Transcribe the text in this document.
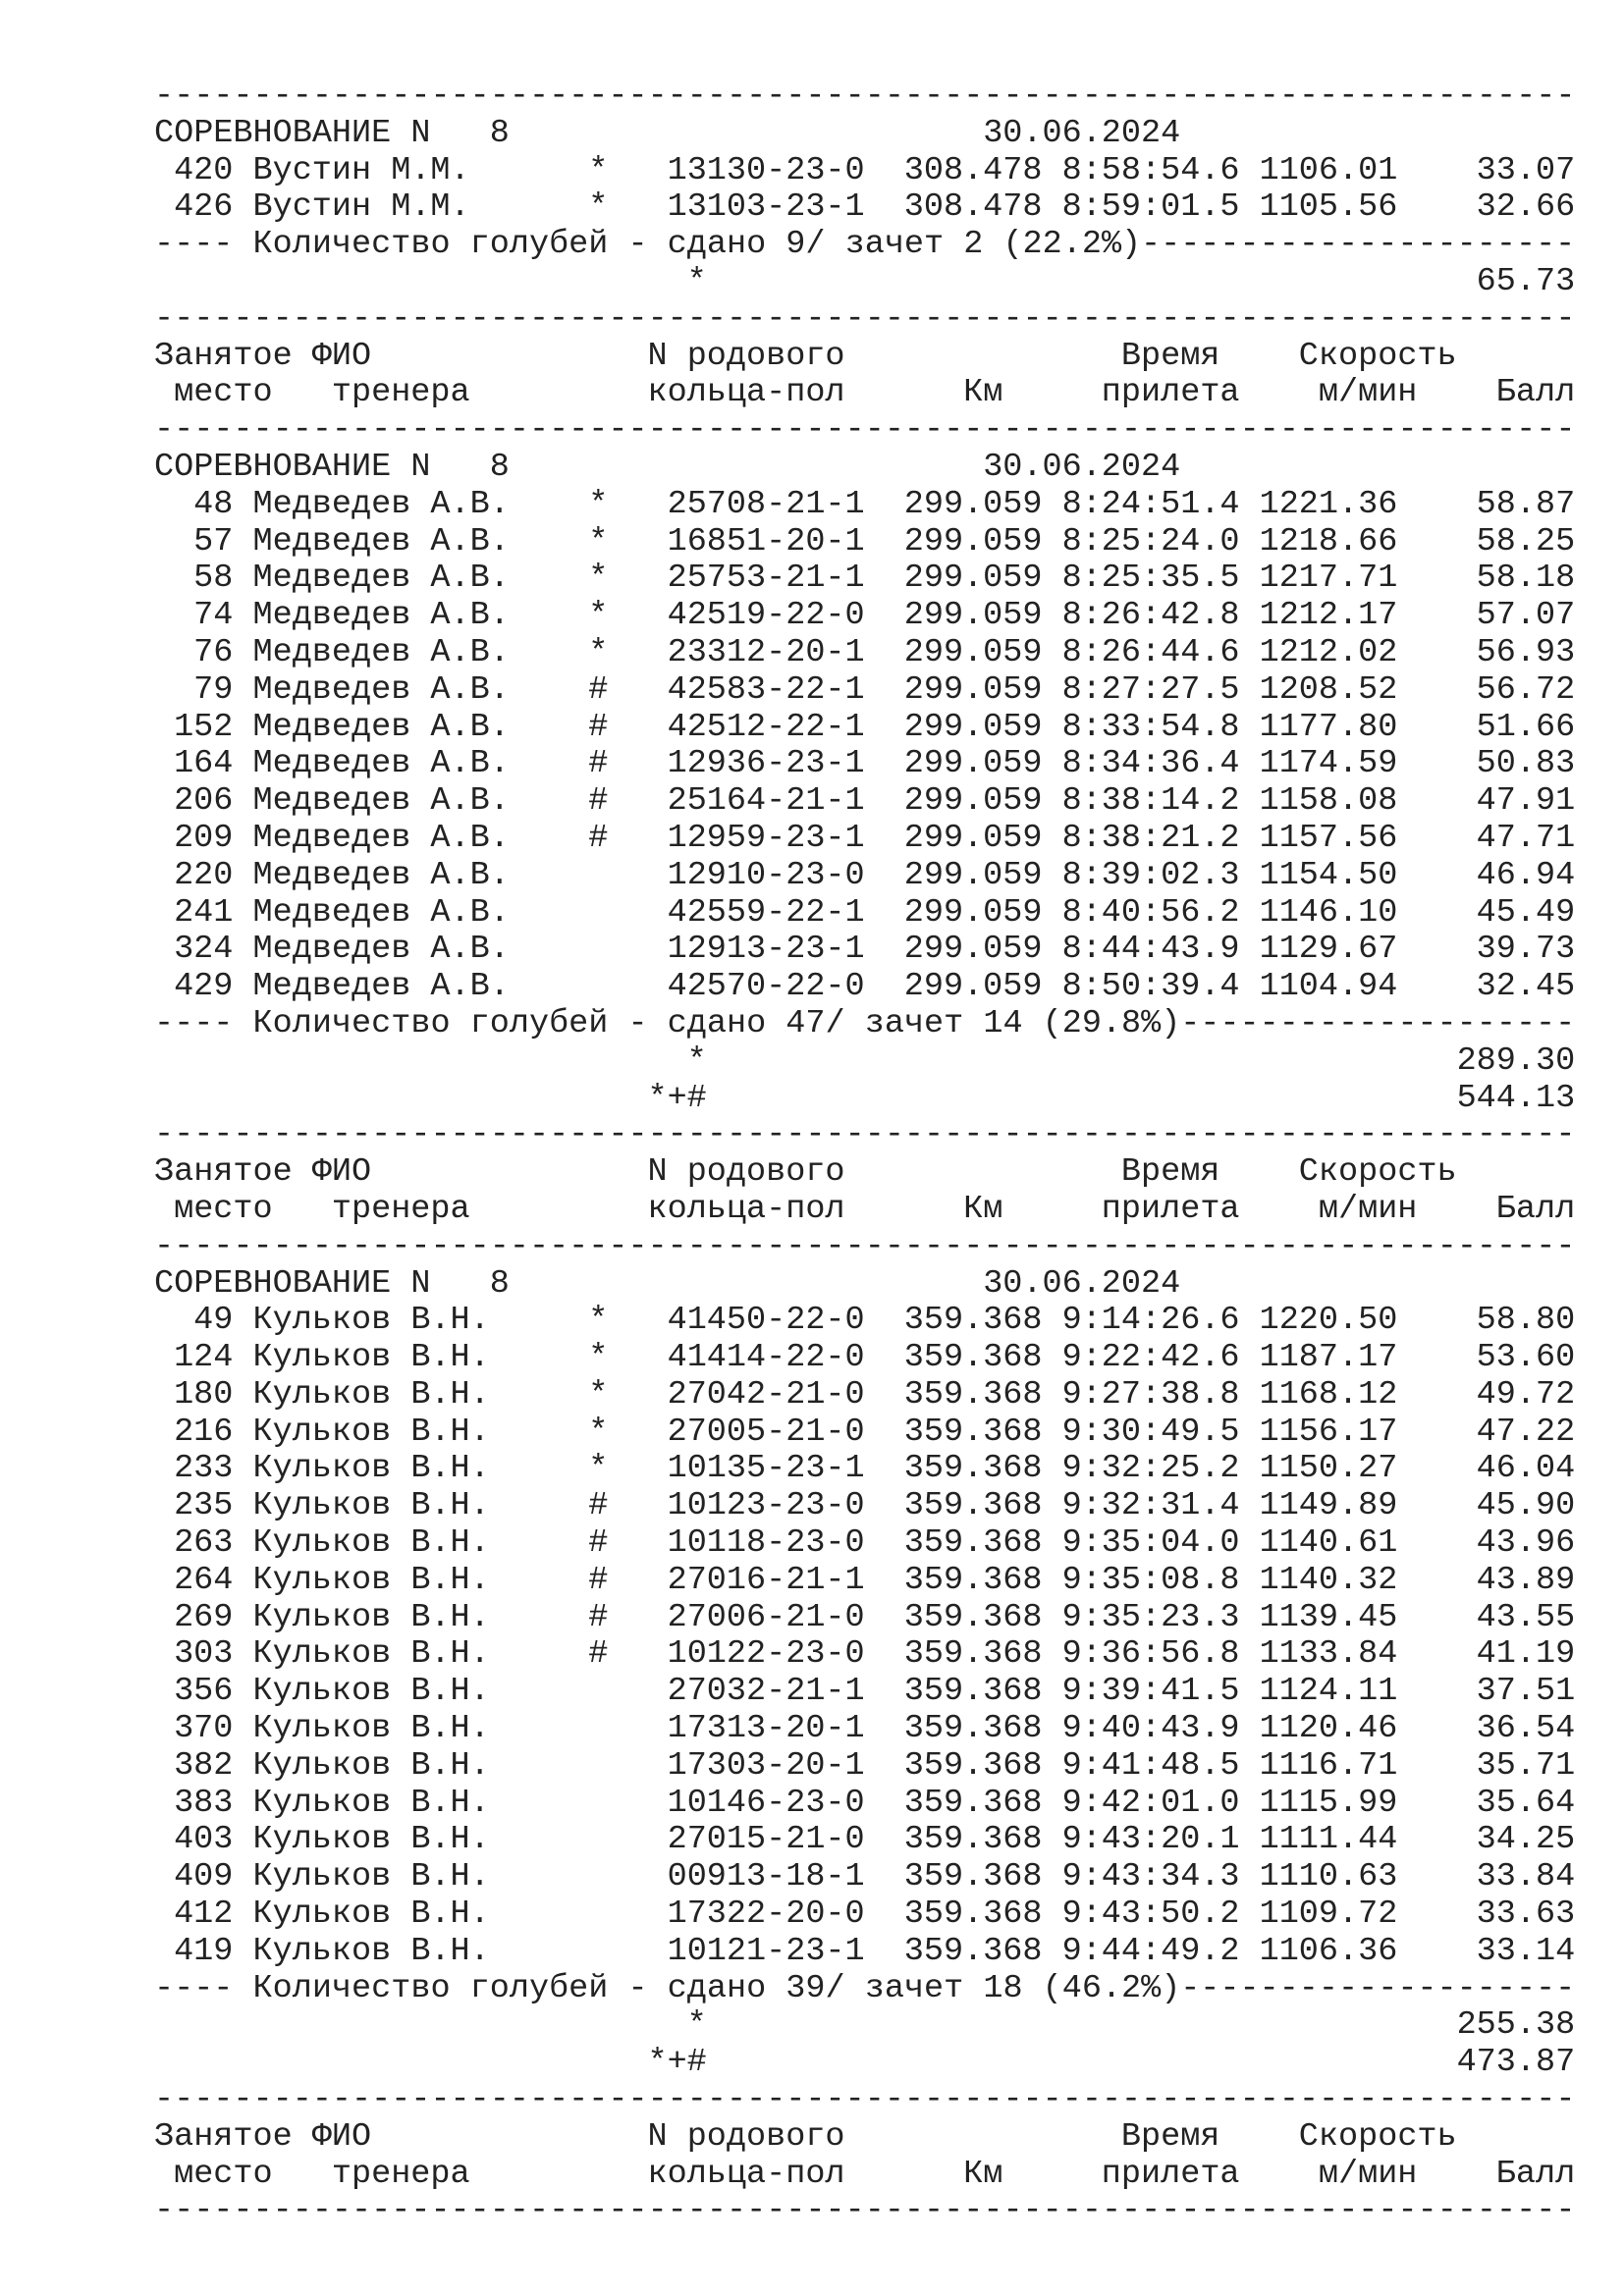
------------------------------------------------------------------------
СОРЕВНОВАНИЕ N   8	30.06.2024
420 Вустин М.М.	* 13130-23-0	308.478 8:58:54.6 1106.01	33.07
426 Вустин М.М.	* 13103-23-1	308.478 8:59:01.5 1105.56	32.66
---- Количество голубей - сдано 9/ зачет 2 (22.2%) ----------------------
*	65.73
------------------------------------------------------------------------
Занятое ФИО	N родового	Время Скорость
место тренера	кольца-пол	Км	прилета м/мин Балл
------------------------------------------------------------------------
СОРЕВНОВАНИЕ N   8	30.06.2024
48 Медведев А.В. * 25708-21-1	299.059 8:24:51.4 1221.36	58.87
57 Медведев А.В. * 16851-20-1	299.059 8:25:24.0 1218.66	58.25
58 Медведев А.В. * 25753-21-1	299.059 8:25:35.5 1217.71	58.18
74 Медведев А.В. * 42519-22-0	299.059 8:26:42.8 1212.17	57.07
76 Медведев А.В. * 23312-20-1	299.059 8:26:44.6 1212.02	56.93
79 Медведев А.В. # 42583-22-1	299.059 8:27:27.5 1208.52	56.72
152 Медведев А.В. # 42512-22-1	299.059 8:33:54.8 1177.80	51.66
164 Медведев А.В. # 12936-23-1	299.059 8:34:36.4 1174.59	50.83
206 Медведев А.В. # 25164-21-1	299.059 8:38:14.2 1158.08	47.91
209 Медведев А.В. # 12959-23-1	299.059 8:38:21.2 1157.56	47.71
220 Медведев А.В.	12910-23-0	299.059 8:39:02.3 1154.50	46.94
241 Медведев А.В.	42559-22-1	299.059 8:40:56.2 1146.10	45.49
324 Медведев А.В.	12913-23-1	299.059 8:44:43.9 1129.67	39.73
429 Медведев А.В.	42570-22-0	299.059 8:50:39.4 1104.94	32.45
---- Количество голубей - сдано 47/ зачет 14 (29.8%) --------------------
*	289.30
*+#	544.13
------------------------------------------------------------------------
Занятое ФИО	N родового	Время Скорость
место тренера	кольца-пол	Км	прилета м/мин Балл
------------------------------------------------------------------------
СОРЕВНОВАНИЕ N   8	30.06.2024
49 Кульков В.Н.	* 41450-22-0	359.368 9:14:26.6 1220.50	58.80
124 Кульков В.Н.	* 41414-22-0	359.368 9:22:42.6 1187.17	53.60
180 Кульков В.Н.	* 27042-21-0	359.368 9:27:38.8 1168.12	49.72
216 Кульков В.Н.	* 27005-21-0	359.368 9:30:49.5 1156.17	47.22
233 Кульков В.Н.	* 10135-23-1	359.368 9:32:25.2 1150.27	46.04
235 Кульков В.Н.	# 10123-23-0	359.368 9:32:31.4 1149.89	45.90
263 Кульков В.Н.	# 10118-23-0	359.368 9:35:04.0 1140.61	43.96
264 Кульков В.Н.	# 27016-21-1	359.368 9:35:08.8 1140.32	43.89
269 Кульков В.Н.	# 27006-21-0	359.368 9:35:23.3 1139.45	43.55
303 Кульков В.Н.	# 10122-23-0	359.368 9:36:56.8 1133.84	41.19
356 Кульков В.Н.	27032-21-1	359.368 9:39:41.5 1124.11	37.51
370 Кульков В.Н.	17313-20-1	359.368 9:40:43.9 1120.46	36.54
382 Кульков В.Н.	17303-20-1	359.368 9:41:48.5 1116.71	35.71
383 Кульков В.Н.	10146-23-0	359.368 9:42:01.0 1115.99	35.64
403 Кульков В.Н.	27015-21-0	359.368 9:43:20.1 1111.44	34.25
409 Кульков В.Н.	00913-18-1	359.368 9:43:34.3 1110.63	33.84
412 Кульков В.Н.	17322-20-0	359.368 9:43:50.2 1109.72	33.63
419 Кульков В.Н.	10121-23-1	359.368 9:44:49.2 1106.36	33.14
---- Количество голубей - сдано 39/ зачет 18 (46.2%) --------------------
*	255.38
*+#	473.87
------------------------------------------------------------------------
Занятое ФИО	N родового	Время Скорость
место тренера	кольца-пол	Км	прилета м/мин Балл
------------------------------------------------------------------------
